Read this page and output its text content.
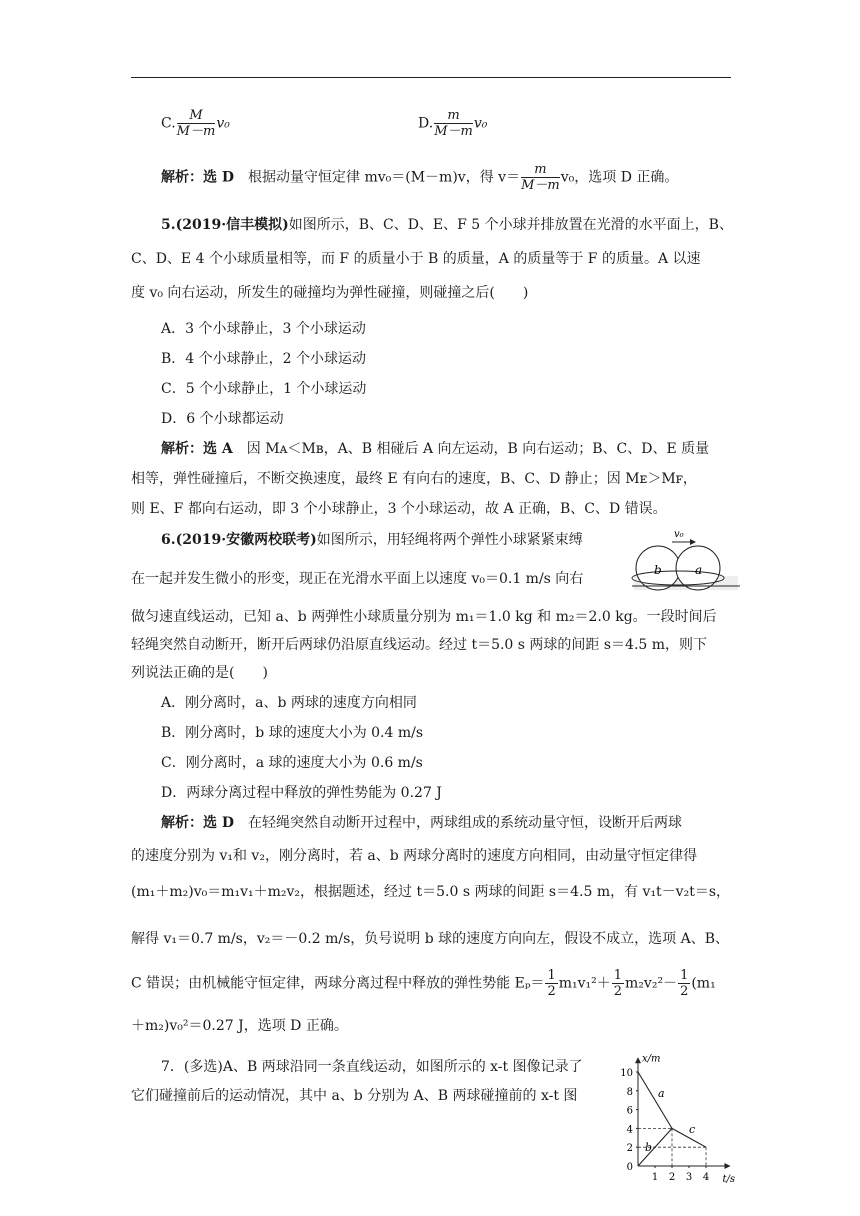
C. $\frac{M}{M-m} v_0$	D. $\frac{m}{M-m} v_0$
解析：选 D　根据动量守恒定律 mv₀＝(M－m)v，得 $v= \frac{m}{M-m} v_0$，选项 D 正确。
5.(2019·信丰模拟)如图所示，B、C、D、E、F 5 个小球并排放置在光滑的水平面上，B、
C、D、E 4 个小球质量相等，而 F 的质量小于 B 的质量，A 的质量等于 F 的质量。A 以速
度 v₀ 向右运动，所发生的碰撞均为弹性碰撞，则碰撞之后(　　)
A．3 个小球静止，3 个小球运动
B．4 个小球静止，2 个小球运动
C．5 个小球静止，1 个小球运动
D．6 个小球都运动
解析：选 A　因 Mᴀ＜Mʙ，A、B 相碰后 A 向左运动，B 向右运动；B、C、D、E 质量
相等，弹性碰撞后，不断交换速度，最终 E 有向右的速度，B、C、D 静止；因 Mᴇ＞Mꜰ，
则 E、F 都向右运动，即 3 个小球静止，3 个小球运动，故 A 正确，B、C、D 错误。
6.(2019·安徽两校联考)如图所示，用轻绳将两个弹性小球紧紧束缚
在一起并发生微小的形变，现正在光滑水平面上以速度 v₀＝0.1 m/s 向右
做匀速直线运动，已知 a、b 两弹性小球质量分别为 m₁＝1.0 kg 和 m₂＝2.0 kg。一段时间后
轻绳突然自动断开，断开后两球仍沿原直线运动。经过 t＝5.0 s 两球的间距 s＝4.5 m，则下
列说法正确的是(　　)
A．刚分离时，a、b 两球的速度方向相同
B．刚分离时，b 球的速度大小为 0.4 m/s
C．刚分离时，a 球的速度大小为 0.6 m/s
D．两球分离过程中释放的弹性势能为 0.27 J
v₀
b	a
解析：选 D　在轻绳突然自动断开过程中，两球组成的系统动量守恒，设断开后两球
的速度分别为 v₁和 v₂，刚分离时，若 a、b 两球分离时的速度方向相同，由动量守恒定律得
(m₁＋m₂)v₀＝m₁v₁＋m₂v₂，根据题述，经过 t＝5.0 s 两球的间距 s＝4.5 m，有 v₁t－v₂t＝s，
解得 v₁＝0.7 m/s，v₂＝－0.2 m/s，负号说明 b 球的速度方向向左，假设不成立，选项 A、B、
C 错误；由机械能守恒定律，两球分离过程中释放的弹性势能 $E_p= \frac{1}{2} m_1v_1^2+ \frac{1}{2} m_2v_2^2- \frac{1}{2} (m_1$
＋m₂)v₀²＝0.27 J，选项 D 正确。
7．(多选)A、B 两球沿同一条直线运动，如图所示的 x-t 图像记录了
它们碰撞前后的运动情况，其中 a、b 分别为 A、B 两球碰撞前的 x-t 图
x/m
t/s
0
2
4
6
8
10
1 2 3 4
a
b
c
